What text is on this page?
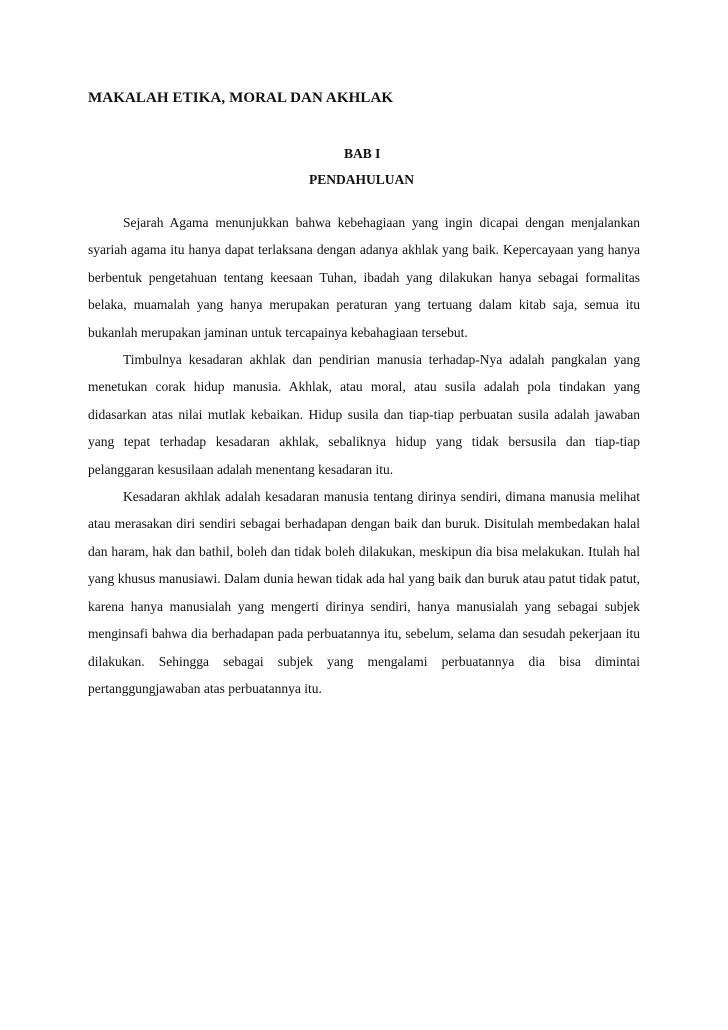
MAKALAH ETIKA, MORAL DAN AKHLAK
BAB I
PENDAHULUAN

Sejarah Agama menunjukkan bahwa kebehagiaan yang ingin dicapai dengan menjalankan syariah agama itu hanya dapat terlaksana dengan adanya akhlak yang baik. Kepercayaan yang hanya berbentuk pengetahuan tentang keesaan Tuhan, ibadah yang dilakukan hanya sebagai formalitas belaka, muamalah yang hanya merupakan peraturan yang tertuang dalam kitab saja, semua itu bukanlah merupakan jaminan untuk tercapainya kebahagiaan tersebut.

Timbulnya kesadaran akhlak dan pendirian manusia terhadap-Nya adalah pangkalan yang menetukan corak hidup manusia. Akhlak, atau moral, atau susila adalah pola tindakan yang didasarkan atas nilai mutlak kebaikan. Hidup susila dan tiap-tiap perbuatan susila adalah jawaban yang tepat terhadap kesadaran akhlak, sebaliknya hidup yang tidak bersusila dan tiap-tiap pelanggaran kesusilaan adalah menentang kesadaran itu.

Kesadaran akhlak adalah kesadaran manusia tentang dirinya sendiri, dimana manusia melihat atau merasakan diri sendiri sebagai berhadapan dengan baik dan buruk. Disitulah membedakan halal dan haram, hak dan bathil, boleh dan tidak boleh dilakukan, meskipun dia bisa melakukan. Itulah hal yang khusus manusiawi. Dalam dunia hewan tidak ada hal yang baik dan buruk atau patut tidak patut, karena hanya manusialah yang mengerti dirinya sendiri, hanya manusialah yang sebagai subjek menginsafi bahwa dia berhadapan pada perbuatannya itu, sebelum, selama dan sesudah pekerjaan itu dilakukan. Sehingga sebagai subjek yang mengalami perbuatannya dia bisa dimintai pertanggungjawaban atas perbuatannya itu.
